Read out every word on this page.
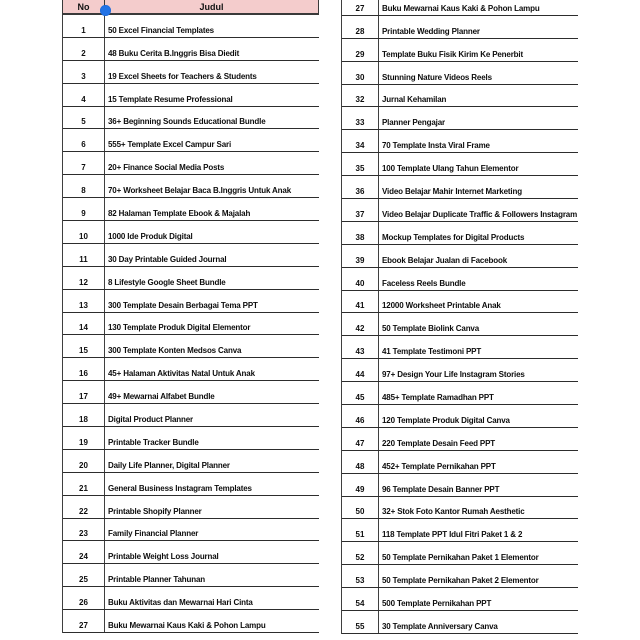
No	Judul
1	50 Excel Financial Templates
2	48 Buku Cerita B.Inggris Bisa Diedit
3	19 Excel Sheets for Teachers & Students
4	15 Template Resume Professional
5	36+ Beginning Sounds Educational Bundle
6	555+ Template Excel Campur Sari
7	20+ Finance Social Media Posts
8	70+ Worksheet Belajar Baca B.Inggris Untuk Anak
9	82 Halaman Template Ebook & Majalah
10	1000 Ide Produk Digital
11	30 Day Printable Guided Journal
12	8 Lifestyle Google Sheet Bundle
13	300 Template Desain Berbagai Tema PPT
14	130 Template Produk Digital Elementor
15	300 Template Konten Medsos Canva
16	45+ Halaman Aktivitas Natal Untuk Anak
17	49+ Mewarnai Alfabet Bundle
18	Digital Product Planner
19	Printable Tracker Bundle
20	Daily Life Planner, Digital Planner
21	General Business Instagram Templates
22	Printable Shopify Planner
23	Family Financial Planner
24	Printable Weight Loss Journal
25	Printable Planner Tahunan
26	Buku Aktivitas dan Mewarnai Hari Cinta
27	Buku Mewarnai Kaus Kaki & Pohon Lampu
27	Buku Mewarnai Kaus Kaki & Pohon Lampu
28	Printable Wedding Planner
29	Template Buku Fisik Kirim Ke Penerbit
30	Stunning Nature Videos Reels
32	Jurnal Kehamilan
33	Planner Pengajar
34	70 Template Insta Viral Frame
35	100 Template Ulang Tahun Elementor
36	Video Belajar Mahir Internet Marketing
37	Video Belajar Duplicate Traffic & Followers Instagram
38	Mockup Templates for Digital Products
39	Ebook Belajar Jualan di Facebook
40	Faceless Reels Bundle
41	12000 Worksheet Printable Anak
42	50 Template Biolink Canva
43	41 Template Testimoni PPT
44	97+ Design Your Life Instagram Stories
45	485+ Template Ramadhan PPT
46	120 Template Produk Digital Canva
47	220 Template Desain Feed PPT
48	452+ Template Pernikahan PPT
49	96 Template Desain Banner PPT
50	32+ Stok Foto Kantor Rumah Aesthetic
51	118 Template PPT Idul Fitri Paket 1 & 2
52	50 Template Pernikahan Paket 1 Elementor
53	50 Template Pernikahan Paket 2 Elementor
54	500 Template Pernikahan PPT
55	30 Template Anniversary Canva
